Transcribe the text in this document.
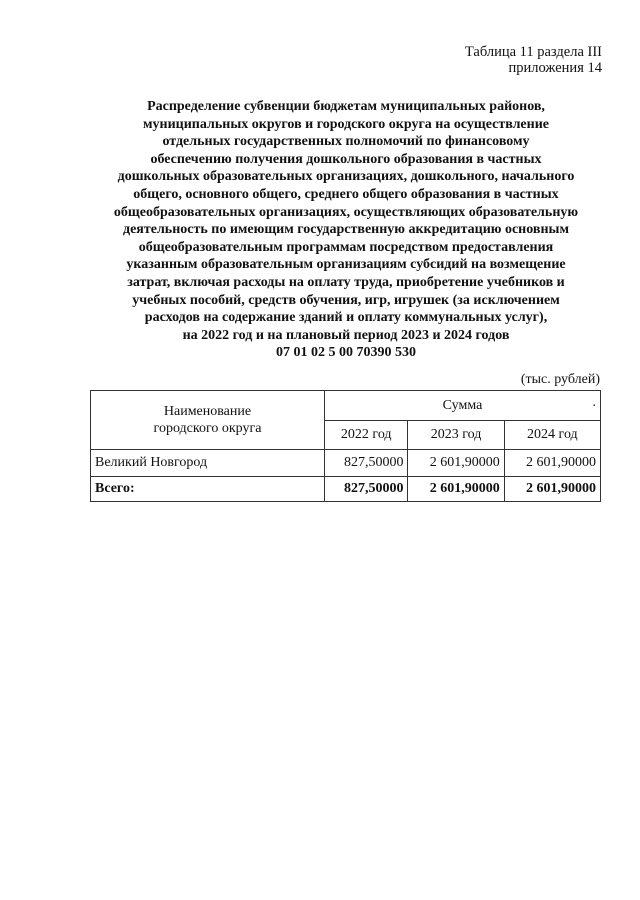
Таблица 11 раздела III
приложения 14
Распределение субвенции бюджетам муниципальных районов,
муниципальных округов и городского округа на осуществление
отдельных государственных полномочий по финансовому
обеспечению получения дошкольного образования в частных
дошкольных образовательных организациях, дошкольного, начального
общего, основного общего, среднего общего образования в частных
общеобразовательных организациях, осуществляющих образовательную
деятельность по имеющим государственную аккредитацию основным
общеобразовательным программам посредством предоставления
указанным образовательным организациям субсидий на возмещение
затрат, включая расходы на оплату труда, приобретение учебников и
учебных пособий, средств обучения, игр, игрушек (за исключением
расходов на содержание зданий и оплату коммунальных услуг),
на 2022 год и на плановый период 2023 и 2024 годов
07 01 02 5 00 70390 530
(тыс. рублей)
Наименование
городского округа	Сумма .		

	2022 год	2023 год	2024 год
Великий Новгород	827,50000	2 601,90000	2 601,90000
Всего:	827,50000	2 601,90000	2 601,90000
